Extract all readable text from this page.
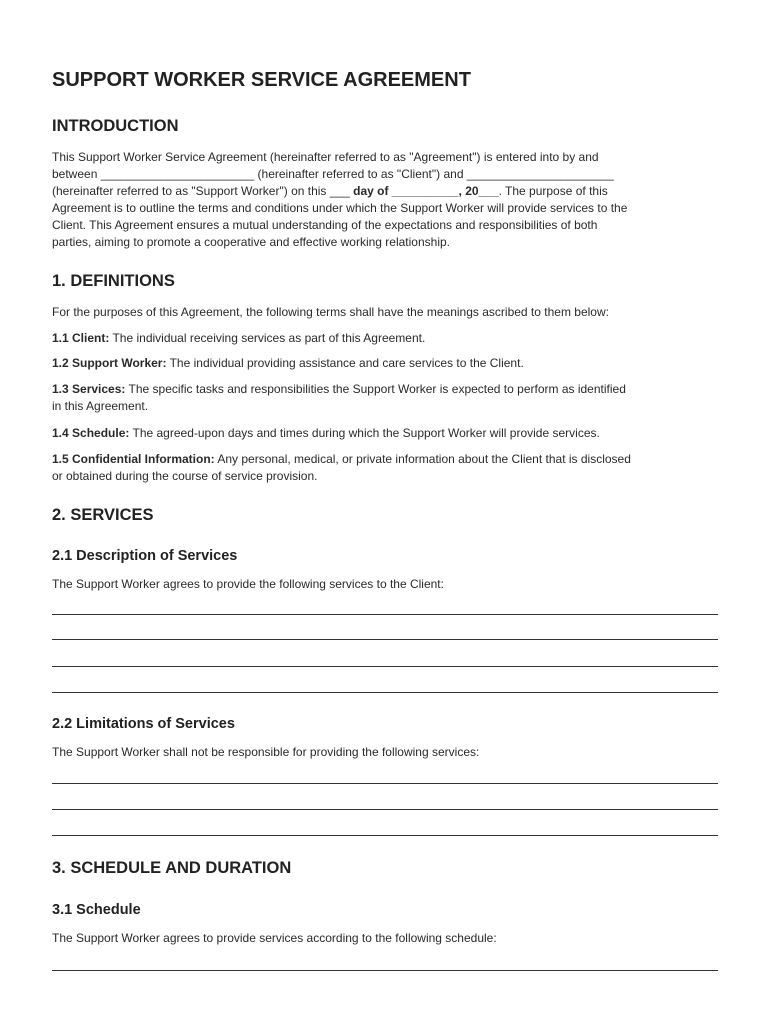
SUPPORT WORKER SERVICE AGREEMENT
INTRODUCTION
This Support Worker Service Agreement (hereinafter referred to as "Agreement") is entered into by and
between _______________________ (hereinafter referred to as "Client") and ______________________
(hereinafter referred to as "Support Worker") on this ___ day of __________, 20___. The purpose of this
Agreement is to outline the terms and conditions under which the Support Worker will provide services to the
Client. This Agreement ensures a mutual understanding of the expectations and responsibilities of both
parties, aiming to promote a cooperative and effective working relationship.
1. DEFINITIONS
For the purposes of this Agreement, the following terms shall have the meanings ascribed to them below:
1.1 Client: The individual receiving services as part of this Agreement.
1.2 Support Worker: The individual providing assistance and care services to the Client.
1.3 Services: The specific tasks and responsibilities the Support Worker is expected to perform as identified
in this Agreement.
1.4 Schedule: The agreed-upon days and times during which the Support Worker will provide services.
1.5 Confidential Information: Any personal, medical, or private information about the Client that is disclosed
or obtained during the course of service provision.
2. SERVICES
2.1 Description of Services
The Support Worker agrees to provide the following services to the Client:
2.2 Limitations of Services
The Support Worker shall not be responsible for providing the following services:
3. SCHEDULE AND DURATION
3.1 Schedule
The Support Worker agrees to provide services according to the following schedule:
